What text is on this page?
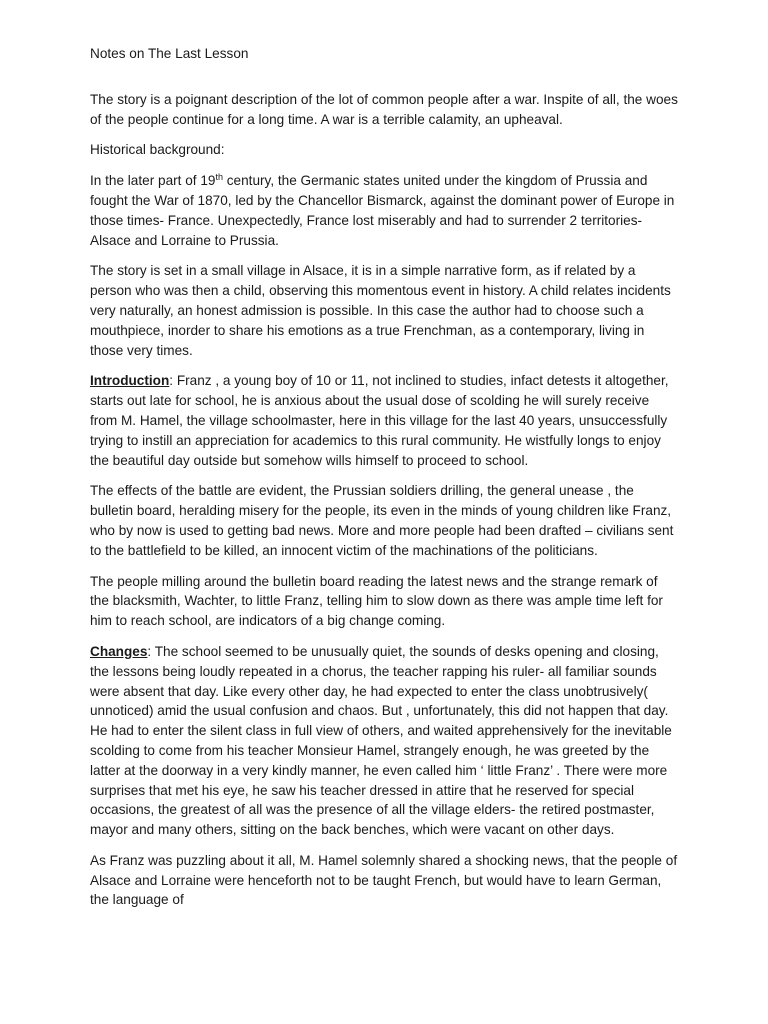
Notes on The Last Lesson

The story is a poignant description of the lot of common people after a war. Inspite of all, the woes of the people continue for a long time. A war is a terrible calamity, an upheaval.

Historical background:

In the later part of 19th century, the Germanic states united under the kingdom of Prussia and fought the War of 1870, led by the Chancellor Bismarck, against the dominant power of Europe in those times- France. Unexpectedly, France lost miserably and had to surrender 2 territories- Alsace and Lorraine to Prussia.

The story is set in a small village in Alsace, it is in a simple narrative form, as if related by a person who was then a child, observing this momentous event in history. A child relates incidents very naturally, an honest admission is possible. In this case the author had to choose such a mouthpiece, inorder to share his emotions as a true Frenchman, as a contemporary, living in those very times.

Introduction: Franz , a young boy of 10 or 11, not inclined to studies, infact detests it altogether, starts out late for school, he is anxious about the usual dose of scolding he will surely receive from M. Hamel, the village schoolmaster, here in this village for the last 40 years, unsuccessfully trying to instill an appreciation for academics to this rural community. He wistfully longs to enjoy the beautiful day outside but somehow wills himself to proceed to school.

The effects of the battle are evident, the Prussian soldiers drilling, the general unease , the bulletin board, heralding misery for the people, its even in the minds of young children like Franz, who by now is used to getting bad news. More and more people had been drafted – civilians sent to the battlefield to be killed, an innocent victim of the machinations of the politicians.

The people milling around the bulletin board reading the latest news and the strange remark of the blacksmith, Wachter, to little Franz, telling him to slow down as there was ample time left for him to reach school, are indicators of a big change coming.

Changes: The school seemed to be unusually quiet, the sounds of desks opening and closing, the lessons being loudly repeated in a chorus, the teacher rapping his ruler- all familiar sounds were absent that day. Like every other day, he had expected to enter the class unobtrusively( unnoticed) amid the usual confusion and chaos. But , unfortunately, this did not happen that day. He had to enter the silent class in full view of others, and waited apprehensively for the inevitable scolding to come from his teacher Monsieur Hamel, strangely enough, he was greeted by the latter at the doorway in a very kindly manner, he even called him ‘ little Franz’ . There were more surprises that met his eye, he saw his teacher dressed in attire that he reserved for special occasions, the greatest of all was the presence of all the village elders- the retired postmaster, mayor and many others, sitting on the back benches, which were vacant on other days.

As Franz was puzzling about it all, M. Hamel solemnly shared a shocking news, that the people of Alsace and Lorraine were henceforth not to be taught French, but would have to learn German, the language of
